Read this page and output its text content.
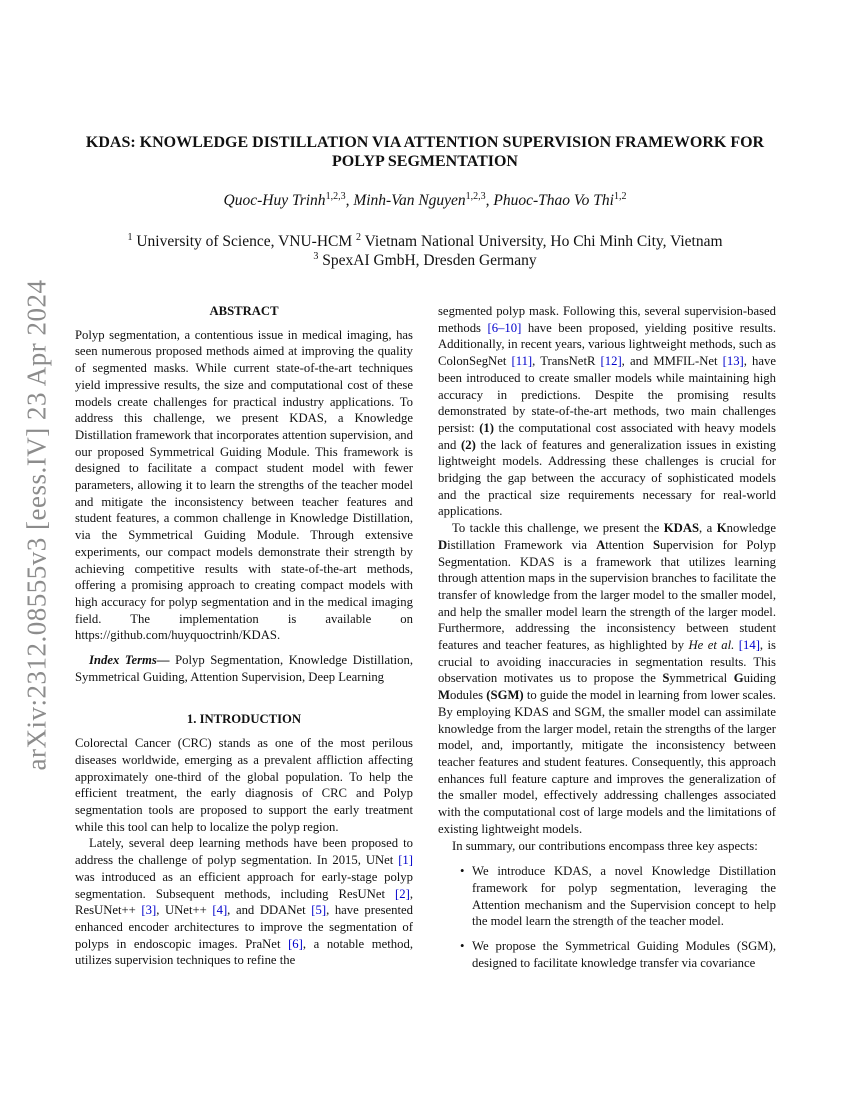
arXiv:2312.08555v3 [eess.IV] 23 Apr 2024
KDAS: KNOWLEDGE DISTILLATION VIA ATTENTION SUPERVISION FRAMEWORK FOR POLYP SEGMENTATION
Quoc-Huy Trinh$^{1,2,3}$, Minh-Van Nguyen$^{1,2,3}$, Phuoc-Thao Vo Thi$^{1,2}$
$^1$ University of Science, VNU-HCM $^2$ Vietnam National University, Ho Chi Minh City, Vietnam
$^3$ SpexAI GmbH, Dresden Germany
ABSTRACT

Polyp segmentation, a contentious issue in medical imaging, has seen numerous proposed methods aimed at improving the quality of segmented masks. While current state-of-the-art techniques yield impressive results, the size and computational cost of these models create challenges for practical industry applications. To address this challenge, we present KDAS, a Knowledge Distillation framework that incorporates attention supervision, and our proposed Symmetrical Guiding Module. This framework is designed to facilitate a compact student model with fewer parameters, allowing it to learn the strengths of the teacher model and mitigate the inconsistency between teacher features and student features, a common challenge in Knowledge Distillation, via the Symmetrical Guiding Module. Through extensive experiments, our compact models demonstrate their strength by achieving competitive results with state-of-the-art methods, offering a promising approach to creating compact models with high accuracy for polyp segmentation and in the medical imaging field. The implementation is available on https://github.com/huyquoctrinh/KDAS.

Index Terms— Polyp Segmentation, Knowledge Distillation, Symmetrical Guiding, Attention Supervision, Deep Learning

1. INTRODUCTION

Colorectal Cancer (CRC) stands as one of the most perilous diseases worldwide, emerging as a prevalent affliction affecting approximately one-third of the global population. To help the efficient treatment, the early diagnosis of CRC and Polyp segmentation tools are proposed to support the early treatment while this tool can help to localize the polyp region.

Lately, several deep learning methods have been proposed to address the challenge of polyp segmentation. In 2015, UNet [1] was introduced as an efficient approach for early-stage polyp segmentation. Subsequent methods, including ResUNet [2], ResUNet++ [3], UNet++ [4], and DDANet [5], have presented enhanced encoder architectures to improve the segmentation of polyps in endoscopic images. PraNet [6], a notable method, utilizes supervision techniques to refine the

segmented polyp mask. Following this, several supervision-based methods [6–10] have been proposed, yielding positive results. Additionally, in recent years, various lightweight methods, such as ColonSegNet [11], TransNetR [12], and MMFIL-Net [13], have been introduced to create smaller models while maintaining high accuracy in predictions. Despite the promising results demonstrated by state-of-the-art methods, two main challenges persist: (1) the computational cost associated with heavy models and (2) the lack of features and generalization issues in existing lightweight models. Addressing these challenges is crucial for bridging the gap between the accuracy of sophisticated models and the practical size requirements necessary for real-world applications.

To tackle this challenge, we present the KDAS, a Knowledge Distillation Framework via Attention Supervision for Polyp Segmentation. KDAS is a framework that utilizes learning through attention maps in the supervision branches to facilitate the transfer of knowledge from the larger model to the smaller model, and help the smaller model learn the strength of the larger model. Furthermore, addressing the inconsistency between student features and teacher features, as highlighted by He et al. [14], is crucial to avoiding inaccuracies in segmentation results. This observation motivates us to propose the Symmetrical Guiding Modules (SGM) to guide the model in learning from lower scales. By employing KDAS and SGM, the smaller model can assimilate knowledge from the larger model, retain the strengths of the larger model, and, importantly, mitigate the inconsistency between teacher features and student features. Consequently, this approach enhances full feature capture and improves the generalization of the smaller model, effectively addressing challenges associated with the computational cost of large models and the limitations of existing lightweight models.

In summary, our contributions encompass three key aspects:

• We introduce KDAS, a novel Knowledge Distillation framework for polyp segmentation, leveraging the Attention mechanism and the Supervision concept to help the model learn the strength of the teacher model.
• We propose the Symmetrical Guiding Modules (SGM), designed to facilitate knowledge transfer via covariance
